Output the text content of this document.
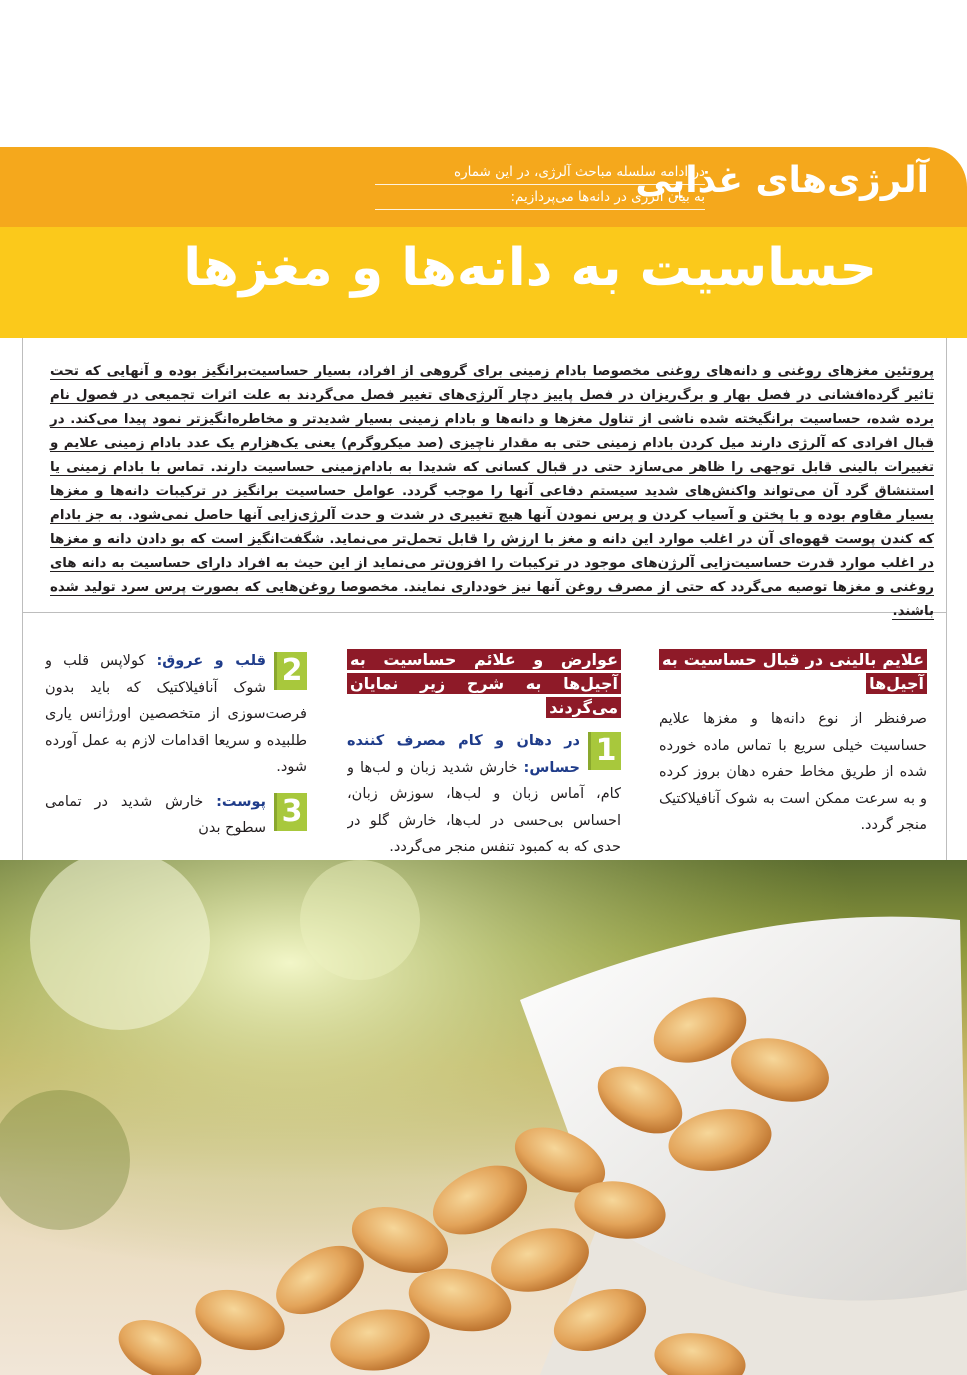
آلرژی‌های غذایی
در ادامه سلسله مباحث آلرژی، در این شماره
به بیان آلرژی در دانه‌ها می‌پردازیم:
حساسیت به دانه‌ها و مغزها
پروتئین مغزهای روغنی و دانه‌های روغنی مخصوصا بادام زمینی برای گروهی از افراد، بسیار حساسیت‌برانگیز بوده و آنهایی که تحت تاثیر گرده‌افشانی در فصل بهار و برگ‌ریزان در فصل پاییز دچار آلرژی‌های تغییر فصل می‌گردند به علت اثرات تجمیعی در فصول نام برده شده، حساسیت برانگیخته شده ناشی از تناول مغزها و دانه‌ها و بادام زمینی بسیار شدیدتر و مخاطره‌انگیزتر نمود پیدا می‌کند. در قبال افرادی که آلرژی دارند میل کردن بادام زمینی حتی به مقدار ناچیزی (صد میکروگرم) یعنی یک‌هزارم یک عدد بادام زمینی علایم و تغییرات بالینی قابل توجهی را ظاهر می‌سازد حتی در قبال کسانی که شدیدا به بادام‌زمینی حساسیت دارند. تماس با بادام زمینی یا استنشاق گرد آن می‌تواند واکنش‌های شدید سیستم دفاعی آنها را موجب گردد. عوامل حساسیت برانگیز در ترکیبات دانه‌ها و مغزها بسیار مقاوم بوده و با پختن و آسیاب کردن و پرس نمودن آنها هیچ تغییری در شدت و حدت آلرژی‌زایی آنها حاصل نمی‌شود. به جز بادام که کندن پوست قهوه‌ای آن در اغلب موارد این دانه و مغز با ارزش را قابل تحمل‌تر می‌نماید. شگفت‌انگیز است که بو دادن دانه و مغزها در اغلب موارد قدرت حساسیت‌زایی آلرژن‌های موجود در ترکیبات را افزون‌تر می‌نماید از این حیث به افراد دارای حساسیت به دانه های روغنی و مغزها توصیه می‌گردد که حتی از مصرف روغن آنها نیز خودداری نمایند. مخصوصا روغن‌هایی که بصورت پرس سرد تولید شده باشند.
علایم بالینی در قبال حساسیت به آجیل‌ها
صرفنظر از نوع دانه‌ها و مغزها علایم حساسیت خیلی سریع با تماس ماده خورده شده از طریق مخاط حفره دهان بروز کرده و به سرعت ممکن است به شوک آنافیلاکتیک منجر گردد.
عوارض و علائم حساسیت به آجیل‌ها به شرح زیر نمایان می‌گردند
1
در دهان و کام مصرف کننده حساس: خارش شدید زبان و لب‌ها و کام، آماس زبان و لب‌ها، سوزش زبان، احساس بی‌حسی در لب‌ها، خارش گلو در حدی که به کمبود تنفس منجر می‌گردد.
2
قلب و عروق: کولاپس قلب و شوک آنافیلاکتیک که باید بدون فرصت‌سوزی از متخصصین اورژانس یاری طلبیده و سریعا اقدامات لازم به عمل آورده شود.
3
پوست: خارش شدید در تمامی سطوح بدن
